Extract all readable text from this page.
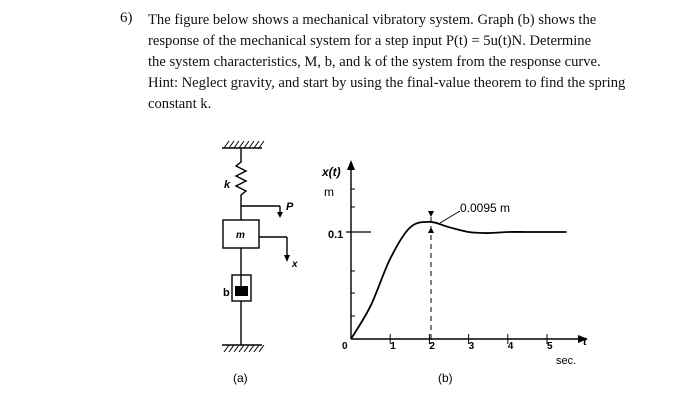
6) The figure below shows a mechanical vibratory system. Graph (b) shows the
response of the mechanical system for a step input P(t) = 5u(t)N. Determine
the system characteristics, M, b, and k of the system from the response curve.
Hint: Neglect gravity, and start by using the final-value theorem to find the spring
constant k.
k
m
b
P
x
(a)
0	1	2	3	4	5
x(t)
m
0.1
0.0095 m
t
sec.
(b)
